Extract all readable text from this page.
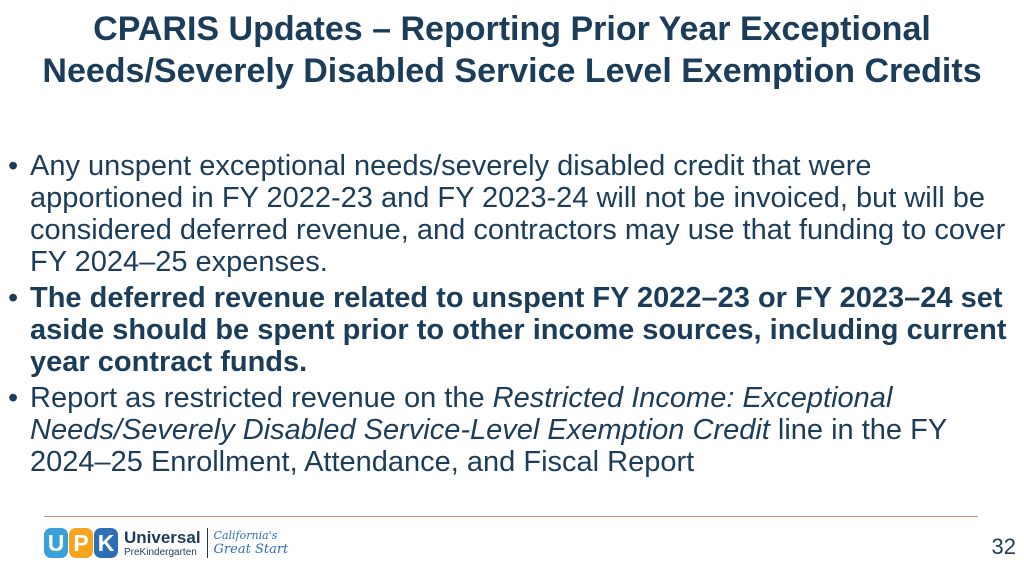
CPARIS Updates – Reporting Prior Year Exceptional Needs/Severely Disabled Service Level Exemption Credits
• Any unspent exceptional needs/severely disabled credit that were apportioned in FY 2022-23 and FY 2023-24 will not be invoiced, but will be considered deferred revenue, and contractors may use that funding to cover FY 2024–25 expenses.
• The deferred revenue related to unspent FY 2022–23 or FY 2023–24 set aside should be spent prior to other income sources, including current year contract funds.
• Report as restricted revenue on the Restricted Income: Exceptional Needs/Severely Disabled Service-Level Exemption Credit line in the FY 2024–25 Enrollment, Attendance, and Fiscal Report
U P K Universal
PreKindergarten
California's
Great Start	32
